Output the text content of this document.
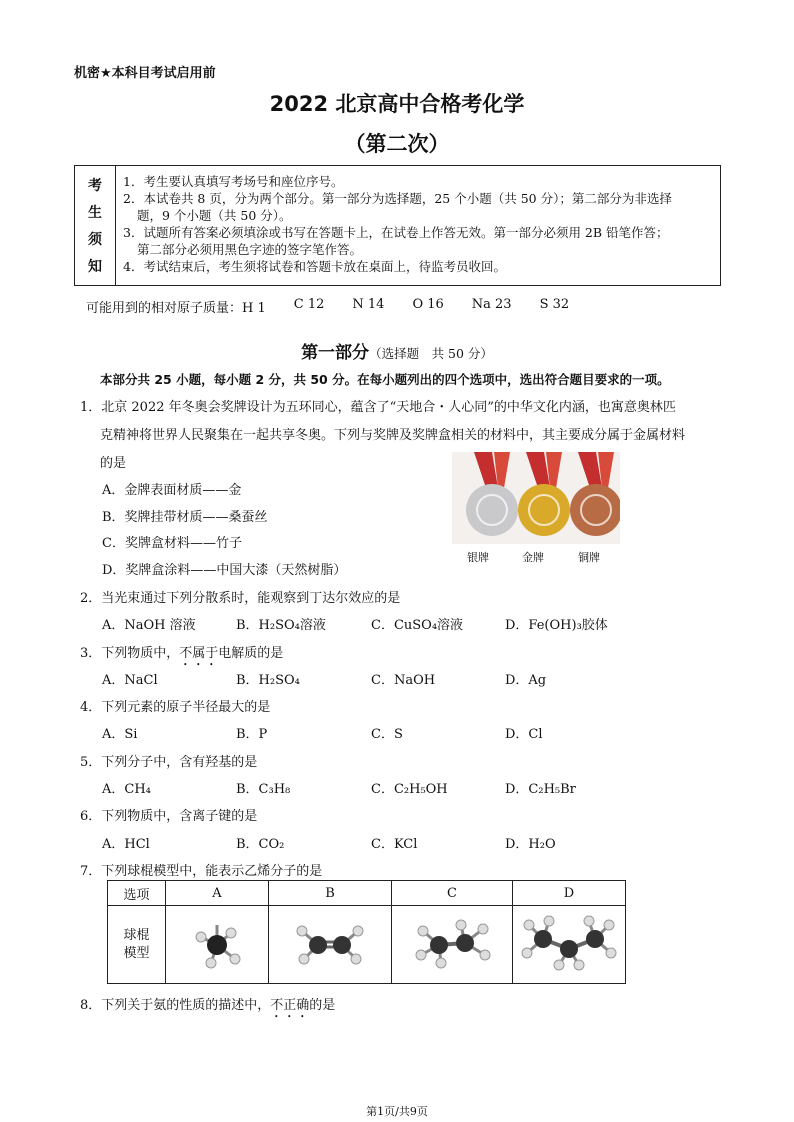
机密★本科目考试启用前
2022 北京高中合格考化学
（第二次）
考
生
须
知
1．考生要认真填写考场号和座位序号。
2．本试卷共 8 页，分为两个部分。第一部分为选择题，25 个小题（共 50 分）；第二部分为非选择
题，9 个小题（共 50 分）。
3．试题所有答案必须填涂或书写在答题卡上，在试卷上作答无效。第一部分必须用 2B 铅笔作答；
第二部分必须用黑色字迹的签字笔作答。
4．考试结束后，考生须将试卷和答题卡放在桌面上，待监考员收回。
可能用到的相对原子质量：H 1 C 12 N 14 O 16 Na 23 S 32
第一部分（选择题　共 50 分）
本部分共 25 小题，每小题 2 分，共 50 分。在每小题列出的四个选项中，选出符合题目要求的一项。
1．北京 2022 年冬奥会奖牌设计为五环同心，蕴含了“天地合・人心同”的中华文化内涵，也寓意奥林匹
克精神将世界人民聚集在一起共享冬奥。下列与奖牌及奖牌盒相关的材料中，其主要成分属于金属材料
的是
A．金牌表面材质——金
B．奖牌挂带材质——桑蚕丝
C．奖牌盒材料——竹子
D．奖牌盒涂料——中国大漆（天然树脂）
银牌	金牌	铜牌
2．当光束通过下列分散系时，能观察到丁达尔效应的是
A．NaOH 溶液	B．H₂SO₄溶液	C．CuSO₄溶液	D．Fe(OH)₃胶体
3．下列物质中，不属于电解质的是
A．NaCl	B．H₂SO₄	C．NaOH	D．Ag
4．下列元素的原子半径最大的是
A．Si	B．P	C．S	D．Cl
5．下列分子中，含有羟基的是
A．CH₄	B．C₃H₈	C．C₂H₅OH	D．C₂H₅Br
6．下列物质中，含离子键的是
A．HCl	B．CO₂	C．KCl	D．H₂O
7．下列球棍模型中，能表示乙烯分子的是
选项	A	B	C	D
球棍
模型				
8．下列关于氨的性质的描述中，不正确的是
第1页/共9页
